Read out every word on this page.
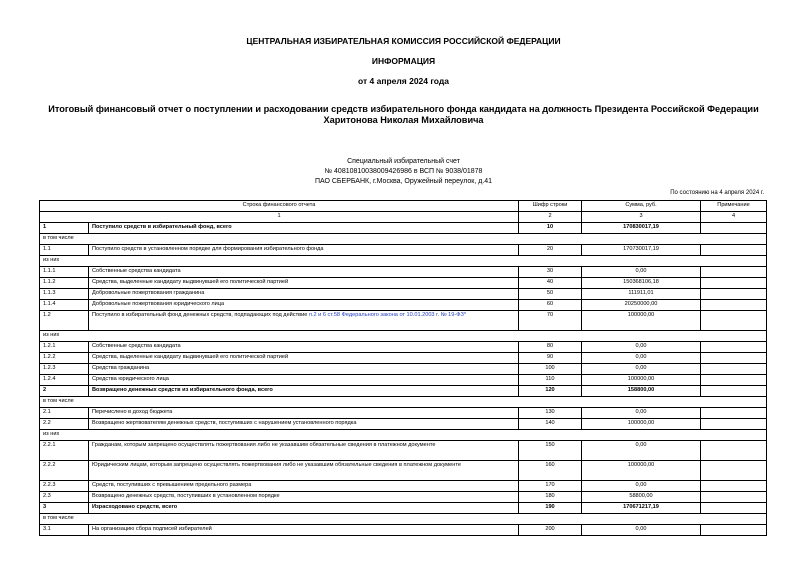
ЦЕНТРАЛЬНАЯ ИЗБИРАТЕЛЬНАЯ КОМИССИЯ РОССИЙСКОЙ ФЕДЕРАЦИИ
ИНФОРМАЦИЯ
от 4 апреля 2024 года
Итоговый финансовый отчет о поступлении и расходовании средств избирательного фонда кандидата на должность Президента Российской Федерации
Харитонова Николая Михайловича
Специальный избирательный счет
№ 40810810038009426986 в ВСП № 9038/01878
ПАО СБЕРБАНК, г.Москва, Оружейный переулок, д.41
По состоянию на 4 апреля 2024 г.
Строка финансового отчета		Шифр строки	Сумма, руб.	Примечание
1		2	3	4
1	Поступило средств в избирательный фонд, всего	10	170830017,19	
в том числе				
1.1	Поступило средств в установленном порядке для формирования избирательного фонда	20	170730017,19	
из них				
1.1.1	Собственные средства кандидата	30	0,00	
1.1.2	Средства, выделенные кандидату выдвинувшей его политической партией	40	150368106,18	
1.1.3	Добровольные пожертвования гражданина	50	111911,01	
1.1.4	Добровольные пожертвования юридического лица	60	20250000,00	
1.2	Поступило в избирательный фонд денежных средств, подпадающих под действие п.2 и 6 ст.58 Федерального закона от 10.01.2003 г. № 19-ФЗ*	70	100000,00	
из них				
1.2.1	Собственные средства кандидата	80	0,00	
1.2.2	Средства, выделенные кандидату выдвинувшей его политической партией	90	0,00	
1.2.3	Средства гражданина	100	0,00	
1.2.4	Средства юридического лица	110	100000,00	
2	Возвращено денежных средств из избирательного фонда, всего	120	158800,00	
в том числе				
2.1	Перечислено в доход бюджета	130	0,00	
2.2	Возвращено жертвователям денежных средств, поступивших с нарушением установленного порядка	140	100000,00	
из них				
2.2.1	Гражданам, которым запрещено осуществлять пожертвования либо не указавшим обязательные сведения в платежном документе	150	0,00	
2.2.2	Юридическим лицам, которым запрещено осуществлять пожертвования либо не указавшим обязательные сведения в платежном документе	160	100000,00	
2.2.3	Средств, поступивших с превышением предельного размера	170	0,00	
2.3	Возвращено денежных средств, поступивших в установленном порядке	180	58800,00	
3	Израсходовано средств, всего	190	170671217,19	
в том числе				
3.1	На организацию сбора подписей избирателей	200	0,00	
